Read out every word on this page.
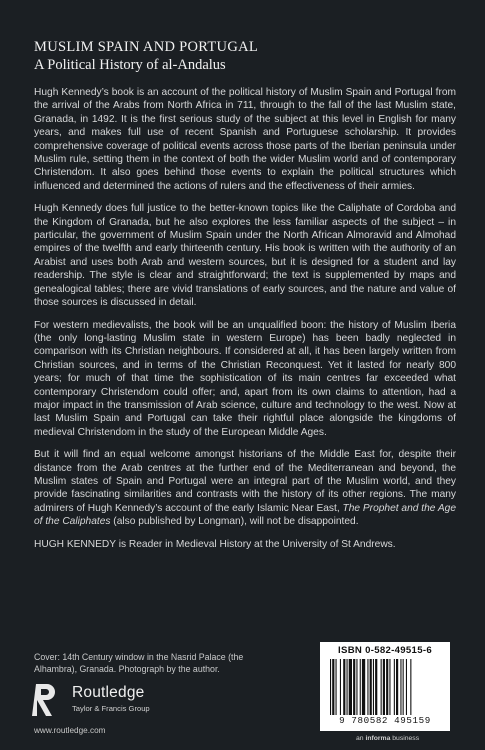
MUSLIM SPAIN AND PORTUGAL
A Political History of al-Andalus

Hugh Kennedy’s book is an account of the political history of Muslim Spain and Portugal from the arrival of the Arabs from North Africa in 711, through to the fall of the last Muslim state, Granada, in 1492. It is the first serious study of the subject at this level in English for many years, and makes full use of recent Spanish and Portuguese scholarship. It provides comprehensive coverage of political events across those parts of the Iberian peninsula under Muslim rule, setting them in the context of both the wider Muslim world and of contemporary Christendom. It also goes behind those events to explain the political structures which influenced and determined the actions of rulers and the effectiveness of their armies.

Hugh Kennedy does full justice to the better-known topics like the Caliphate of Cordoba and the Kingdom of Granada, but he also explores the less familiar aspects of the subject – in particular, the government of Muslim Spain under the North African Almoravid and Almohad empires of the twelfth and early thirteenth century. His book is written with the authority of an Arabist and uses both Arab and western sources, but it is designed for a student and lay readership. The style is clear and straightforward; the text is supplemented by maps and genealogical tables; there are vivid translations of early sources, and the nature and value of those sources is discussed in detail.

For western medievalists, the book will be an unqualified boon: the history of Muslim Iberia (the only long-lasting Muslim state in western Europe) has been badly neglected in comparison with its Christian neighbours. If considered at all, it has been largely written from Christian sources, and in terms of the Christian Reconquest. Yet it lasted for nearly 800 years; for much of that time the sophistication of its main centres far exceeded what contemporary Christendom could offer; and, apart from its own claims to attention, had a major impact in the transmission of Arab science, culture and technology to the west. Now at last Muslim Spain and Portugal can take their rightful place alongside the kingdoms of medieval Christendom in the study of the European Middle Ages.

But it will find an equal welcome amongst historians of the Middle East for, despite their distance from the Arab centres at the further end of the Mediterranean and beyond, the Muslim states of Spain and Portugal were an integral part of the Muslim world, and they provide fascinating similarities and contrasts with the history of its other regions. The many admirers of Hugh Kennedy’s account of the early Islamic Near East, The Prophet and the Age of the Caliphates (also published by Longman), will not be disappointed.

HUGH KENNEDY is Reader in Medieval History at the University of St Andrews.

Cover: 14th Century window in the Nasrid Palace (the Alhambra), Granada. Photograph by the author.
Routledge
Taylor & Francis Group
www.routledge.com
ISBN 0-582-49515-6
9 780582 495159
an informa business
